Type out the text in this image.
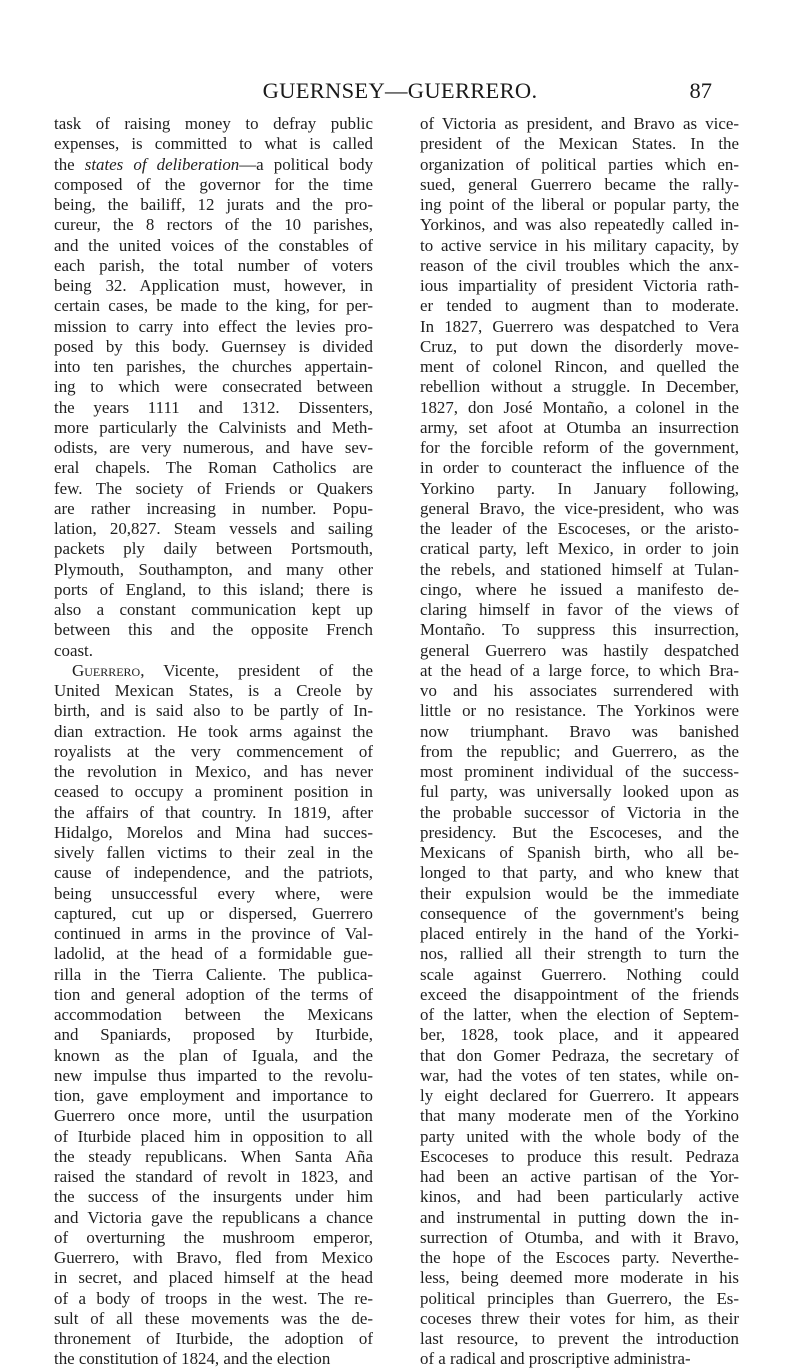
GUERNSEY—GUERRERO.	87
task of raising money to defray public
expenses, is committed to what is called
the states of deliberation—a political body
composed of the governor for the time
being, the bailiff, 12 jurats and the pro-
cureur, the 8 rectors of the 10 parishes,
and the united voices of the constables of
each parish, the total number of voters
being 32. Application must, however, in
certain cases, be made to the king, for per-
mission to carry into effect the levies pro-
posed by this body. Guernsey is divided
into ten parishes, the churches appertain-
ing to which were consecrated between
the years 1111 and 1312. Dissenters,
more particularly the Calvinists and Meth-
odists, are very numerous, and have sev-
eral chapels. The Roman Catholics are
few. The society of Friends or Quakers
are rather increasing in number. Popu-
lation, 20,827. Steam vessels and sailing
packets ply daily between Portsmouth,
Plymouth, Southampton, and many other
ports of England, to this island; there is
also a constant communication kept up
between this and the opposite French
coast.
Guerrero, Vicente, president of the
United Mexican States, is a Creole by
birth, and is said also to be partly of In-
dian extraction. He took arms against the
royalists at the very commencement of
the revolution in Mexico, and has never
ceased to occupy a prominent position in
the affairs of that country. In 1819, after
Hidalgo, Morelos and Mina had succes-
sively fallen victims to their zeal in the
cause of independence, and the patriots,
being unsuccessful every where, were
captured, cut up or dispersed, Guerrero
continued in arms in the province of Val-
ladolid, at the head of a formidable gue-
rilla in the Tierra Caliente. The publica-
tion and general adoption of the terms of
accommodation between the Mexicans
and Spaniards, proposed by Iturbide,
known as the plan of Iguala, and the
new impulse thus imparted to the revolu-
tion, gave employment and importance to
Guerrero once more, until the usurpation
of Iturbide placed him in opposition to all
the steady republicans. When Santa Aña
raised the standard of revolt in 1823, and
the success of the insurgents under him
and Victoria gave the republicans a chance
of overturning the mushroom emperor,
Guerrero, with Bravo, fled from Mexico
in secret, and placed himself at the head
of a body of troops in the west. The re-
sult of all these movements was the de-
thronement of Iturbide, the adoption of
the constitution of 1824, and the election
of Victoria as president, and Bravo as vice-
president of the Mexican States. In the
organization of political parties which en-
sued, general Guerrero became the rally-
ing point of the liberal or popular party, the
Yorkinos, and was also repeatedly called in-
to active service in his military capacity, by
reason of the civil troubles which the anx-
ious impartiality of president Victoria rath-
er tended to augment than to moderate.
In 1827, Guerrero was despatched to Vera
Cruz, to put down the disorderly move-
ment of colonel Rincon, and quelled the
rebellion without a struggle. In December,
1827, don José Montaño, a colonel in the
army, set afoot at Otumba an insurrection
for the forcible reform of the government,
in order to counteract the influence of the
Yorkino party. In January following,
general Bravo, the vice-president, who was
the leader of the Escoceses, or the aristo-
cratical party, left Mexico, in order to join
the rebels, and stationed himself at Tulan-
cingo, where he issued a manifesto de-
claring himself in favor of the views of
Montaño. To suppress this insurrection,
general Guerrero was hastily despatched
at the head of a large force, to which Bra-
vo and his associates surrendered with
little or no resistance. The Yorkinos were
now triumphant. Bravo was banished
from the republic; and Guerrero, as the
most prominent individual of the success-
ful party, was universally looked upon as
the probable successor of Victoria in the
presidency. But the Escoceses, and the
Mexicans of Spanish birth, who all be-
longed to that party, and who knew that
their expulsion would be the immediate
consequence of the government's being
placed entirely in the hand of the Yorki-
nos, rallied all their strength to turn the
scale against Guerrero. Nothing could
exceed the disappointment of the friends
of the latter, when the election of Septem-
ber, 1828, took place, and it appeared
that don Gomer Pedraza, the secretary of
war, had the votes of ten states, while on-
ly eight declared for Guerrero. It appears
that many moderate men of the Yorkino
party united with the whole body of the
Escoceses to produce this result. Pedraza
had been an active partisan of the Yor-
kinos, and had been particularly active
and instrumental in putting down the in-
surrection of Otumba, and with it Bravo,
the hope of the Escoces party. Neverthe-
less, being deemed more moderate in his
political principles than Guerrero, the Es-
coceses threw their votes for him, as their
last resource, to prevent the introduction
of a radical and proscriptive administra-
